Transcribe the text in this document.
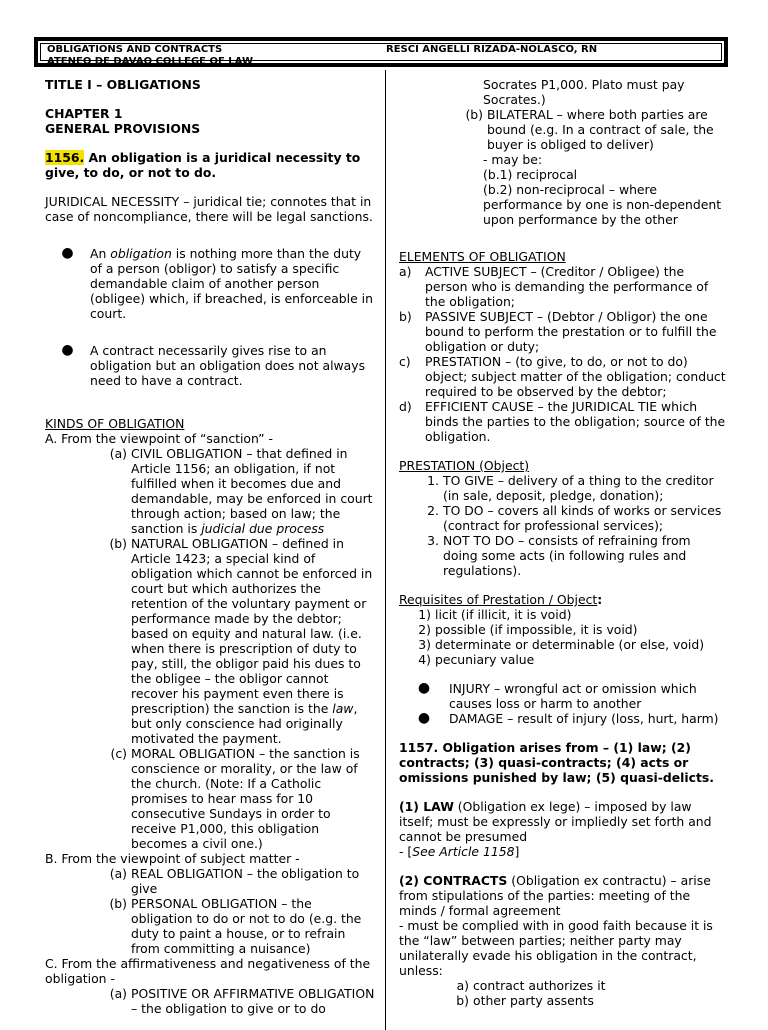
OBLIGATIONS AND CONTRACTS
ATENEO DE DAVAO COLLEGE OF LAW
RESCI ANGELLI RIZADA-NOLASCO, RN

TITLE I – OBLIGATIONS

CHAPTER 1

GENERAL PROVISIONS

1156. An obligation is a juridical necessity to give, to do, or not to do.

JURIDICAL NECESSITY – juridical tie; connotes that in case of noncompliance, there will be legal sanctions.

●	An obligation is nothing more than the duty of a person (obligor) to satisfy a specific demandable claim of another person (obligee) which, if breached, is enforceable in court.
●	A contract necessarily gives rise to an obligation but an obligation does not always need to have a contract.

KINDS OF OBLIGATION

A. From the viewpoint of “sanction” -

(a) CIVIL OBLIGATION – that defined in Article 1156; an obligation, if not fulfilled when it becomes due and demandable, may be enforced in court through action; based on law; the sanction is judicial due process
(b) NATURAL OBLIGATION – defined in Article 1423; a special kind of obligation which cannot be enforced in court but which authorizes the retention of the voluntary payment or performance made by the debtor; based on equity and natural law. (i.e. when there is prescription of duty to pay, still, the obligor paid his dues to the obligee – the obligor cannot recover his payment even there is prescription) the sanction is the law, but only conscience had originally motivated the payment.
(c) MORAL OBLIGATION – the sanction is conscience or morality, or the law of the church. (Note: If a Catholic promises to hear mass for 10 consecutive Sundays in order to receive P1,000, this obligation becomes a civil one.)

B. From the viewpoint of subject matter -

(a) REAL OBLIGATION – the obligation to give
(b) PERSONAL OBLIGATION – the obligation to do or not to do (e.g. the duty to paint a house, or to refrain from committing a nuisance)

C. From the affirmativeness and negativeness of the obligation -

(a) POSITIVE OR AFFIRMATIVE OBLIGATION – the obligation to give or to do

Socrates P1,000. Plato must pay Socrates.)

(b) BILATERAL – where both parties are bound (e.g. In a contract of sale, the buyer is obliged to deliver)

- may be:

(b.1) reciprocal

(b.2) non-reciprocal – where performance by one is non-dependent upon performance by the other

ELEMENTS OF OBLIGATION

a)	ACTIVE SUBJECT – (Creditor / Obligee) the person who is demanding the performance of the obligation;
b)	PASSIVE SUBJECT – (Debtor / Obligor) the one bound to perform the prestation or to fulfill the obligation or duty;
c)	PRESTATION – (to give, to do, or not to do) object; subject matter of the obligation; conduct required to be observed by the debtor;
d)	EFFICIENT CAUSE – the JURIDICAL TIE which binds the parties to the obligation; source of the obligation.

PRESTATION (Object)

1. TO GIVE – delivery of a thing to the creditor (in sale, deposit, pledge, donation);
2. TO DO – covers all kinds of works or services (contract for professional services);
3. NOT TO DO – consists of refraining from doing some acts (in following rules and regulations).

Requisites of Prestation / Object:

1) licit (if illicit, it is void)
2) possible (if impossible, it is void)
3) determinate or determinable (or else, void)
4) pecuniary value
●	INJURY – wrongful act or omission which causes loss or harm to another
●	DAMAGE – result of injury (loss, hurt, harm)

1157. Obligation arises from – (1) law; (2) contracts; (3) quasi-contracts; (4) acts or omissions punished by law; (5) quasi-delicts.

(1) LAW (Obligation ex lege) – imposed by law itself; must be expressly or impliedly set forth and cannot be presumed

- [See Article 1158]

(2) CONTRACTS (Obligation ex contractu) – arise from stipulations of the parties: meeting of the minds / formal agreement

- must be complied with in good faith because it is the “law” between parties; neither party may unilaterally evade his obligation in the contract, unless:

a) contract authorizes it
b) other party assents
